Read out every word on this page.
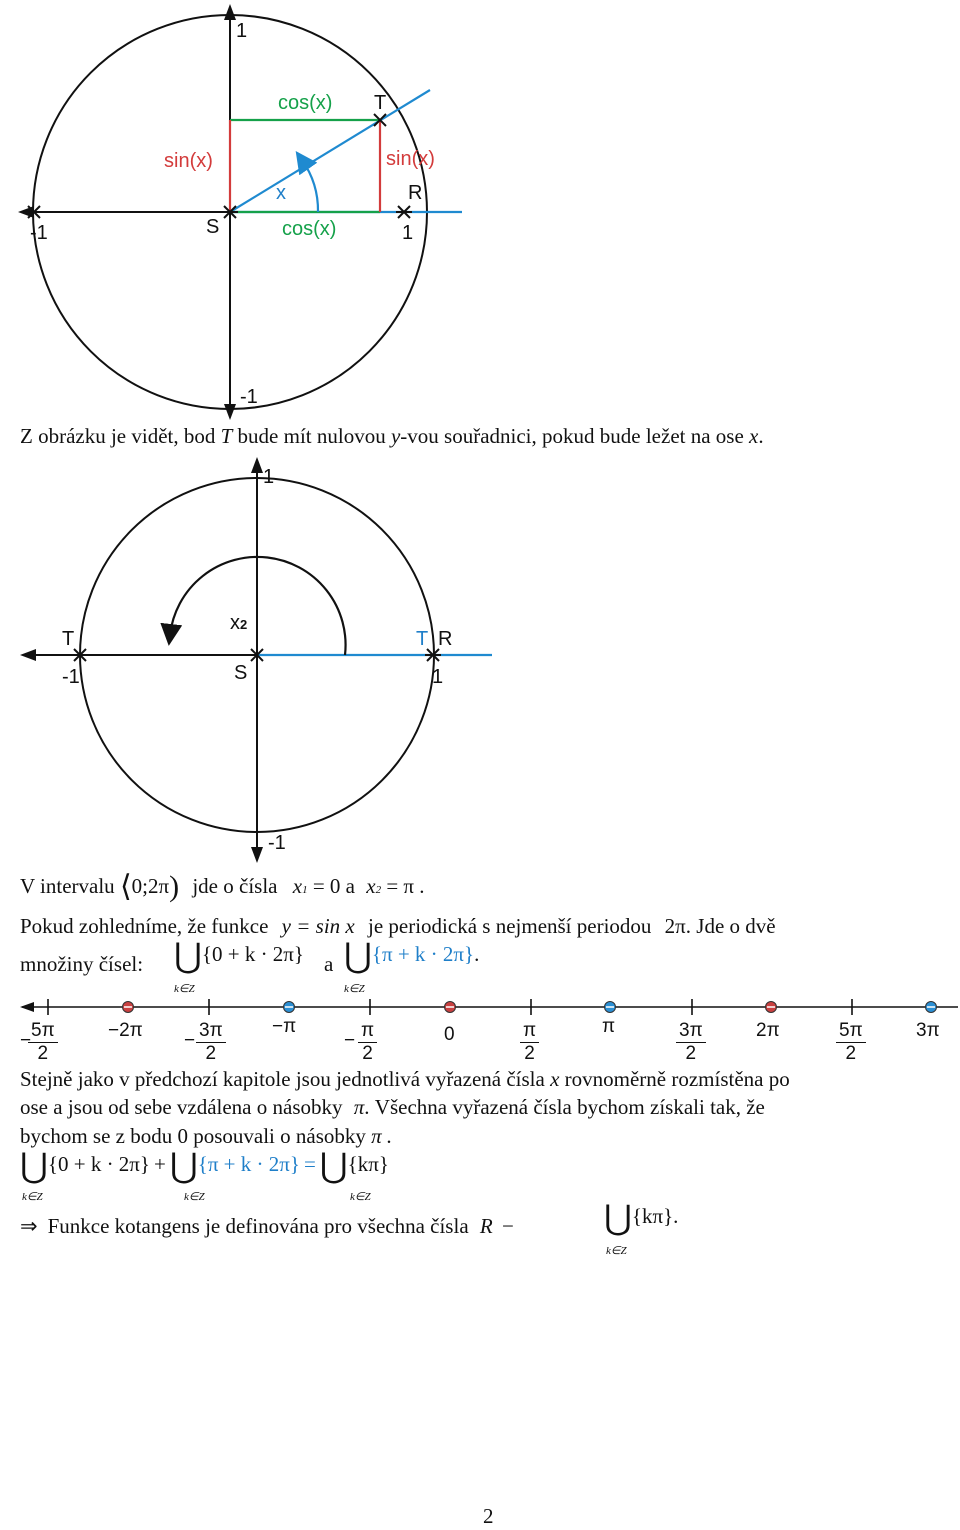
1
-1
-1	1
S
T
R
x
cos(x)
cos(x)
sin(x)	sin(x)
Z obrázku je vidět, bod T bude mít nulovou y-vou souřadnici, pokud bude ležet na ose x.
1
-1
-1	1
S
T	T R
x2
V intervalu ⟨0;2π) jde o čísla x1 = 0 a x2 = π .
Pokud zohledníme, že funkce y = sin x je periodická s nejmenší periodou 2π. Jde o dvě
množiny čísel: ⋃{0 + k · 2π}
k∈Z
a ⋃{π + k · 2π}.
k∈Z
− 5π
2
−2π − 3π
2
−π
− π
2
0	$\frac{\pi}{2}$	π	$\frac{3\pi}{2}$	2π	$\frac{5\pi}{2}$	3π
Stejně jako v předchozí kapitole jsou jednotlivá vyřazená čísla x rovnoměrně rozmístěna po
ose a jsou od sebe vzdálena o násobky π. Všechna vyřazená čísla bychom získali tak, že
bychom se z bodu 0 posouvali o násobky π .
⋃{0 + k · 2π} + ⋃{π + k · 2π} = ⋃{kπ}
k∈Z	k∈Z	k∈Z
⇒ Funkce kotangens je definována pro všechna čísla R −	⋃{kπ}.
k∈Z
2
